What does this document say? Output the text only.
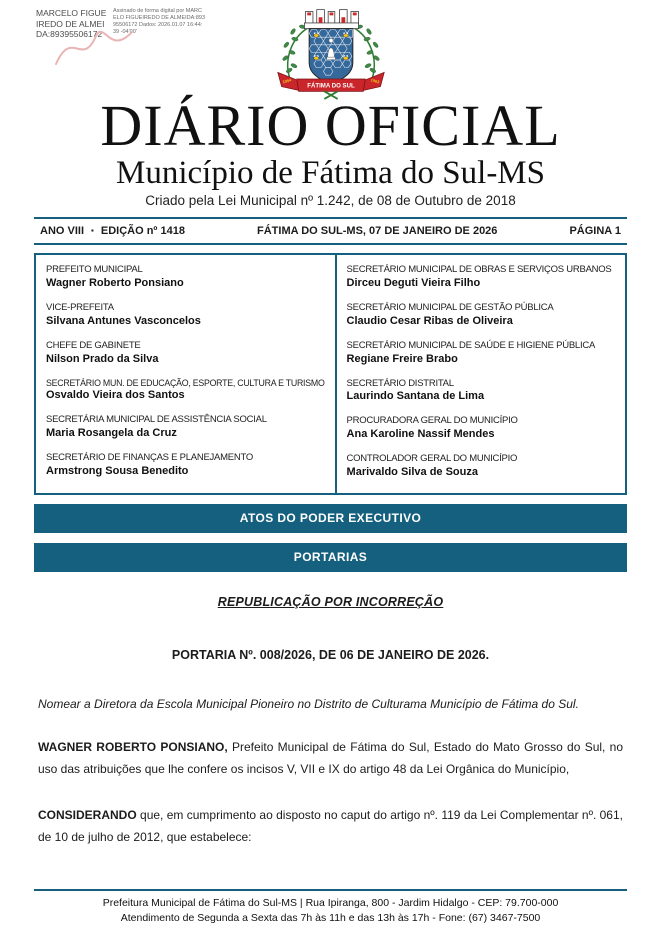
MARCELO FIGUEIREDO DE ALMEIDA:89395506172
Assinado de forma digital por MARCELO FIGUEIREDO DE ALMEIDA:89395506172 Dados: 2026.01.07 16:44:39 -04'00'
FÁTIMA DO SUL
1954	1963
DIÁRIO OFICIAL
Município de Fátima do Sul-MS
Criado pela Lei Municipal nº 1.242, de 08 de Outubro de 2018
ANO VIII ▪ EDIÇÃO nº 1418	FÁTIMA DO SUL-MS, 07 DE JANEIRO DE 2026	PÁGINA 1
PREFEITO MUNICIPAL
Wagner Roberto Ponsiano
VICE-PREFEITA
Silvana Antunes Vasconcelos
CHEFE DE GABINETE
Nilson Prado da Silva
SECRETÁRIO MUN. DE EDUCAÇÃO, ESPORTE, CULTURA E TURISMO
Osvaldo Vieira dos Santos
SECRETÁRIA MUNICIPAL DE ASSISTÊNCIA SOCIAL
Maria Rosangela da Cruz
SECRETÁRIO DE FINANÇAS E PLANEJAMENTO
Armstrong Sousa Benedito
SECRETÁRIO MUNICIPAL DE OBRAS E SERVIÇOS URBANOS
Dirceu Deguti Vieira Filho
SECRETÁRIO MUNICIPAL DE GESTÃO PÚBLICA
Claudio Cesar Ribas de Oliveira
SECRETÁRIO MUNICIPAL DE SAÚDE E HIGIENE PÚBLICA
Regiane Freire Brabo
SECRETÁRIO DISTRITAL
Laurindo Santana de Lima
PROCURADORA GERAL DO MUNICÍPIO
Ana Karoline Nassif Mendes
CONTROLADOR GERAL DO MUNICÍPIO
Marivaldo Silva de Souza
ATOS DO PODER EXECUTIVO
PORTARIAS
REPUBLICAÇÃO POR INCORREÇÃO
PORTARIA Nº. 008/2026, DE 06 DE JANEIRO DE 2026.

Nomear a Diretora da Escola Municipal Pioneiro no Distrito de Culturama Município de Fátima do Sul.

WAGNER ROBERTO PONSIANO, Prefeito Municipal de Fátima do Sul, Estado do Mato Grosso do Sul, no uso das atribuições que lhe confere os incisos V, VII e IX do artigo 48 da Lei Orgânica do Município,

CONSIDERANDO que, em cumprimento ao disposto no caput do artigo nº. 119 da Lei Complementar nº. 061, de 10 de julho de 2012, que estabelece:

Prefeitura Municipal de Fátima do Sul-MS | Rua Ipiranga, 800 - Jardim Hidalgo - CEP: 79.700-000
Atendimento de Segunda a Sexta das 7h às 11h e das 13h às 17h - Fone: (67) 3467-7500
